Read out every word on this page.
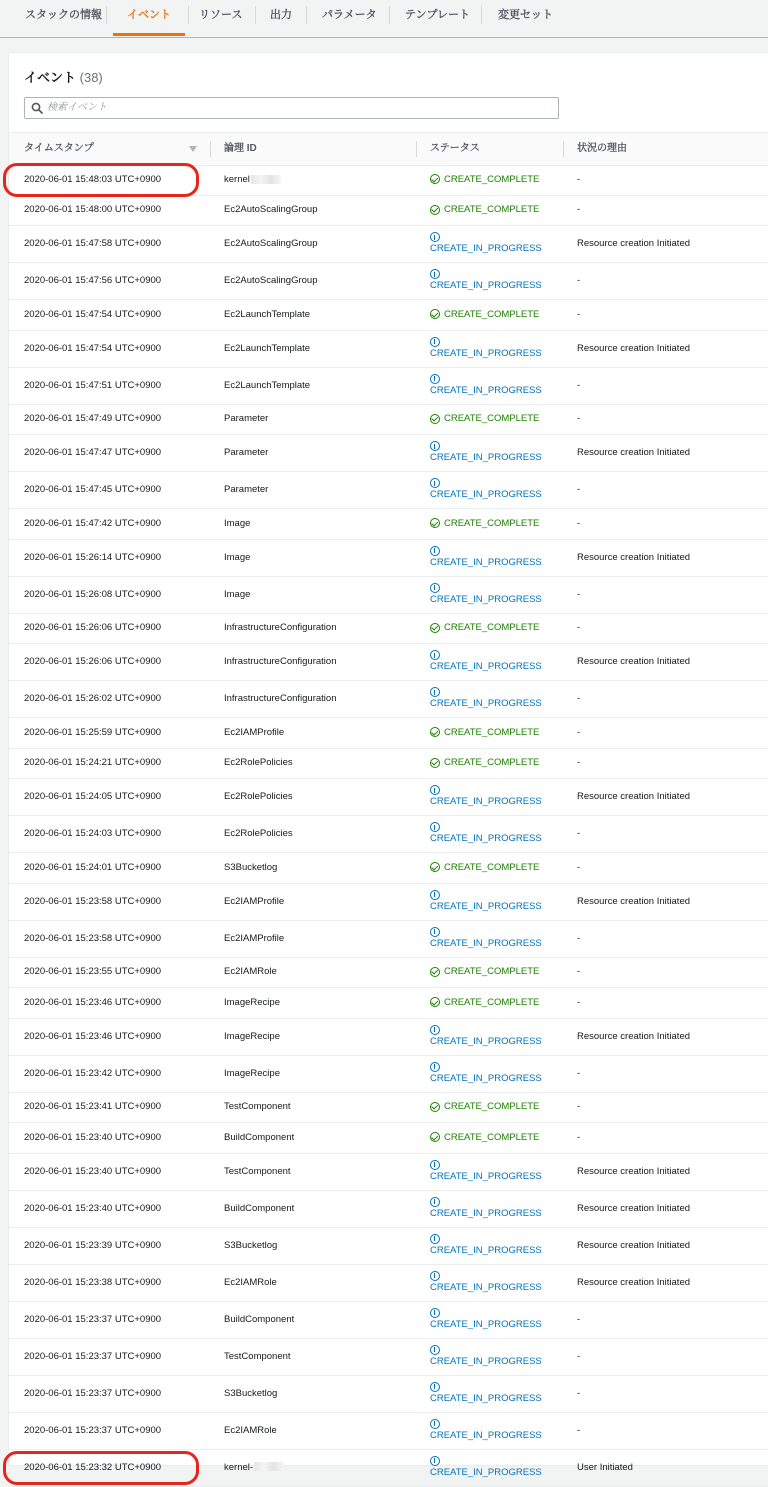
スタックの情報	イベント	リソース	出力	パラメータ	テンプレート	変更セット
イベント (38)
検索イベント
タイムスタンプ	論理 ID	ステータス	状況の理由
2020-06-01 15:48:03 UTC+0900	kernel	CREATE_COMPLETE	-
2020-06-01 15:48:00 UTC+0900	Ec2AutoScalingGroup	CREATE_COMPLETE	-
2020-06-01 15:47:58 UTC+0900	Ec2AutoScalingGroup	CREATE_IN_PROGRESS	Resource creation Initiated
2020-06-01 15:47:56 UTC+0900	Ec2AutoScalingGroup	CREATE_IN_PROGRESS	-
2020-06-01 15:47:54 UTC+0900	Ec2LaunchTemplate	CREATE_COMPLETE	-
2020-06-01 15:47:54 UTC+0900	Ec2LaunchTemplate	CREATE_IN_PROGRESS	Resource creation Initiated
2020-06-01 15:47:51 UTC+0900	Ec2LaunchTemplate	CREATE_IN_PROGRESS	-
2020-06-01 15:47:49 UTC+0900	Parameter	CREATE_COMPLETE	-
2020-06-01 15:47:47 UTC+0900	Parameter	CREATE_IN_PROGRESS	Resource creation Initiated
2020-06-01 15:47:45 UTC+0900	Parameter	CREATE_IN_PROGRESS	-
2020-06-01 15:47:42 UTC+0900	Image	CREATE_COMPLETE	-
2020-06-01 15:26:14 UTC+0900	Image	CREATE_IN_PROGRESS	Resource creation Initiated
2020-06-01 15:26:08 UTC+0900	Image	CREATE_IN_PROGRESS	-
2020-06-01 15:26:06 UTC+0900	InfrastructureConfiguration	CREATE_COMPLETE	-
2020-06-01 15:26:06 UTC+0900	InfrastructureConfiguration	CREATE_IN_PROGRESS	Resource creation Initiated
2020-06-01 15:26:02 UTC+0900	InfrastructureConfiguration	CREATE_IN_PROGRESS	-
2020-06-01 15:25:59 UTC+0900	Ec2IAMProfile	CREATE_COMPLETE	-
2020-06-01 15:24:21 UTC+0900	Ec2RolePolicies	CREATE_COMPLETE	-
2020-06-01 15:24:05 UTC+0900	Ec2RolePolicies	CREATE_IN_PROGRESS	Resource creation Initiated
2020-06-01 15:24:03 UTC+0900	Ec2RolePolicies	CREATE_IN_PROGRESS	-
2020-06-01 15:24:01 UTC+0900	S3Bucketlog	CREATE_COMPLETE	-
2020-06-01 15:23:58 UTC+0900	Ec2IAMProfile	CREATE_IN_PROGRESS	Resource creation Initiated
2020-06-01 15:23:58 UTC+0900	Ec2IAMProfile	CREATE_IN_PROGRESS	-
2020-06-01 15:23:55 UTC+0900	Ec2IAMRole	CREATE_COMPLETE	-
2020-06-01 15:23:46 UTC+0900	ImageRecipe	CREATE_COMPLETE	-
2020-06-01 15:23:46 UTC+0900	ImageRecipe	CREATE_IN_PROGRESS	Resource creation Initiated
2020-06-01 15:23:42 UTC+0900	ImageRecipe	CREATE_IN_PROGRESS	-
2020-06-01 15:23:41 UTC+0900	TestComponent	CREATE_COMPLETE	-
2020-06-01 15:23:40 UTC+0900	BuildComponent	CREATE_COMPLETE	-
2020-06-01 15:23:40 UTC+0900	TestComponent	CREATE_IN_PROGRESS	Resource creation Initiated
2020-06-01 15:23:40 UTC+0900	BuildComponent	CREATE_IN_PROGRESS	Resource creation Initiated
2020-06-01 15:23:39 UTC+0900	S3Bucketlog	CREATE_IN_PROGRESS	Resource creation Initiated
2020-06-01 15:23:38 UTC+0900	Ec2IAMRole	CREATE_IN_PROGRESS	Resource creation Initiated
2020-06-01 15:23:37 UTC+0900	BuildComponent	CREATE_IN_PROGRESS	-
2020-06-01 15:23:37 UTC+0900	TestComponent	CREATE_IN_PROGRESS	-
2020-06-01 15:23:37 UTC+0900	S3Bucketlog	CREATE_IN_PROGRESS	-
2020-06-01 15:23:37 UTC+0900	Ec2IAMRole	CREATE_IN_PROGRESS	-
2020-06-01 15:23:32 UTC+0900	kernel-	CREATE_IN_PROGRESS	User Initiated
